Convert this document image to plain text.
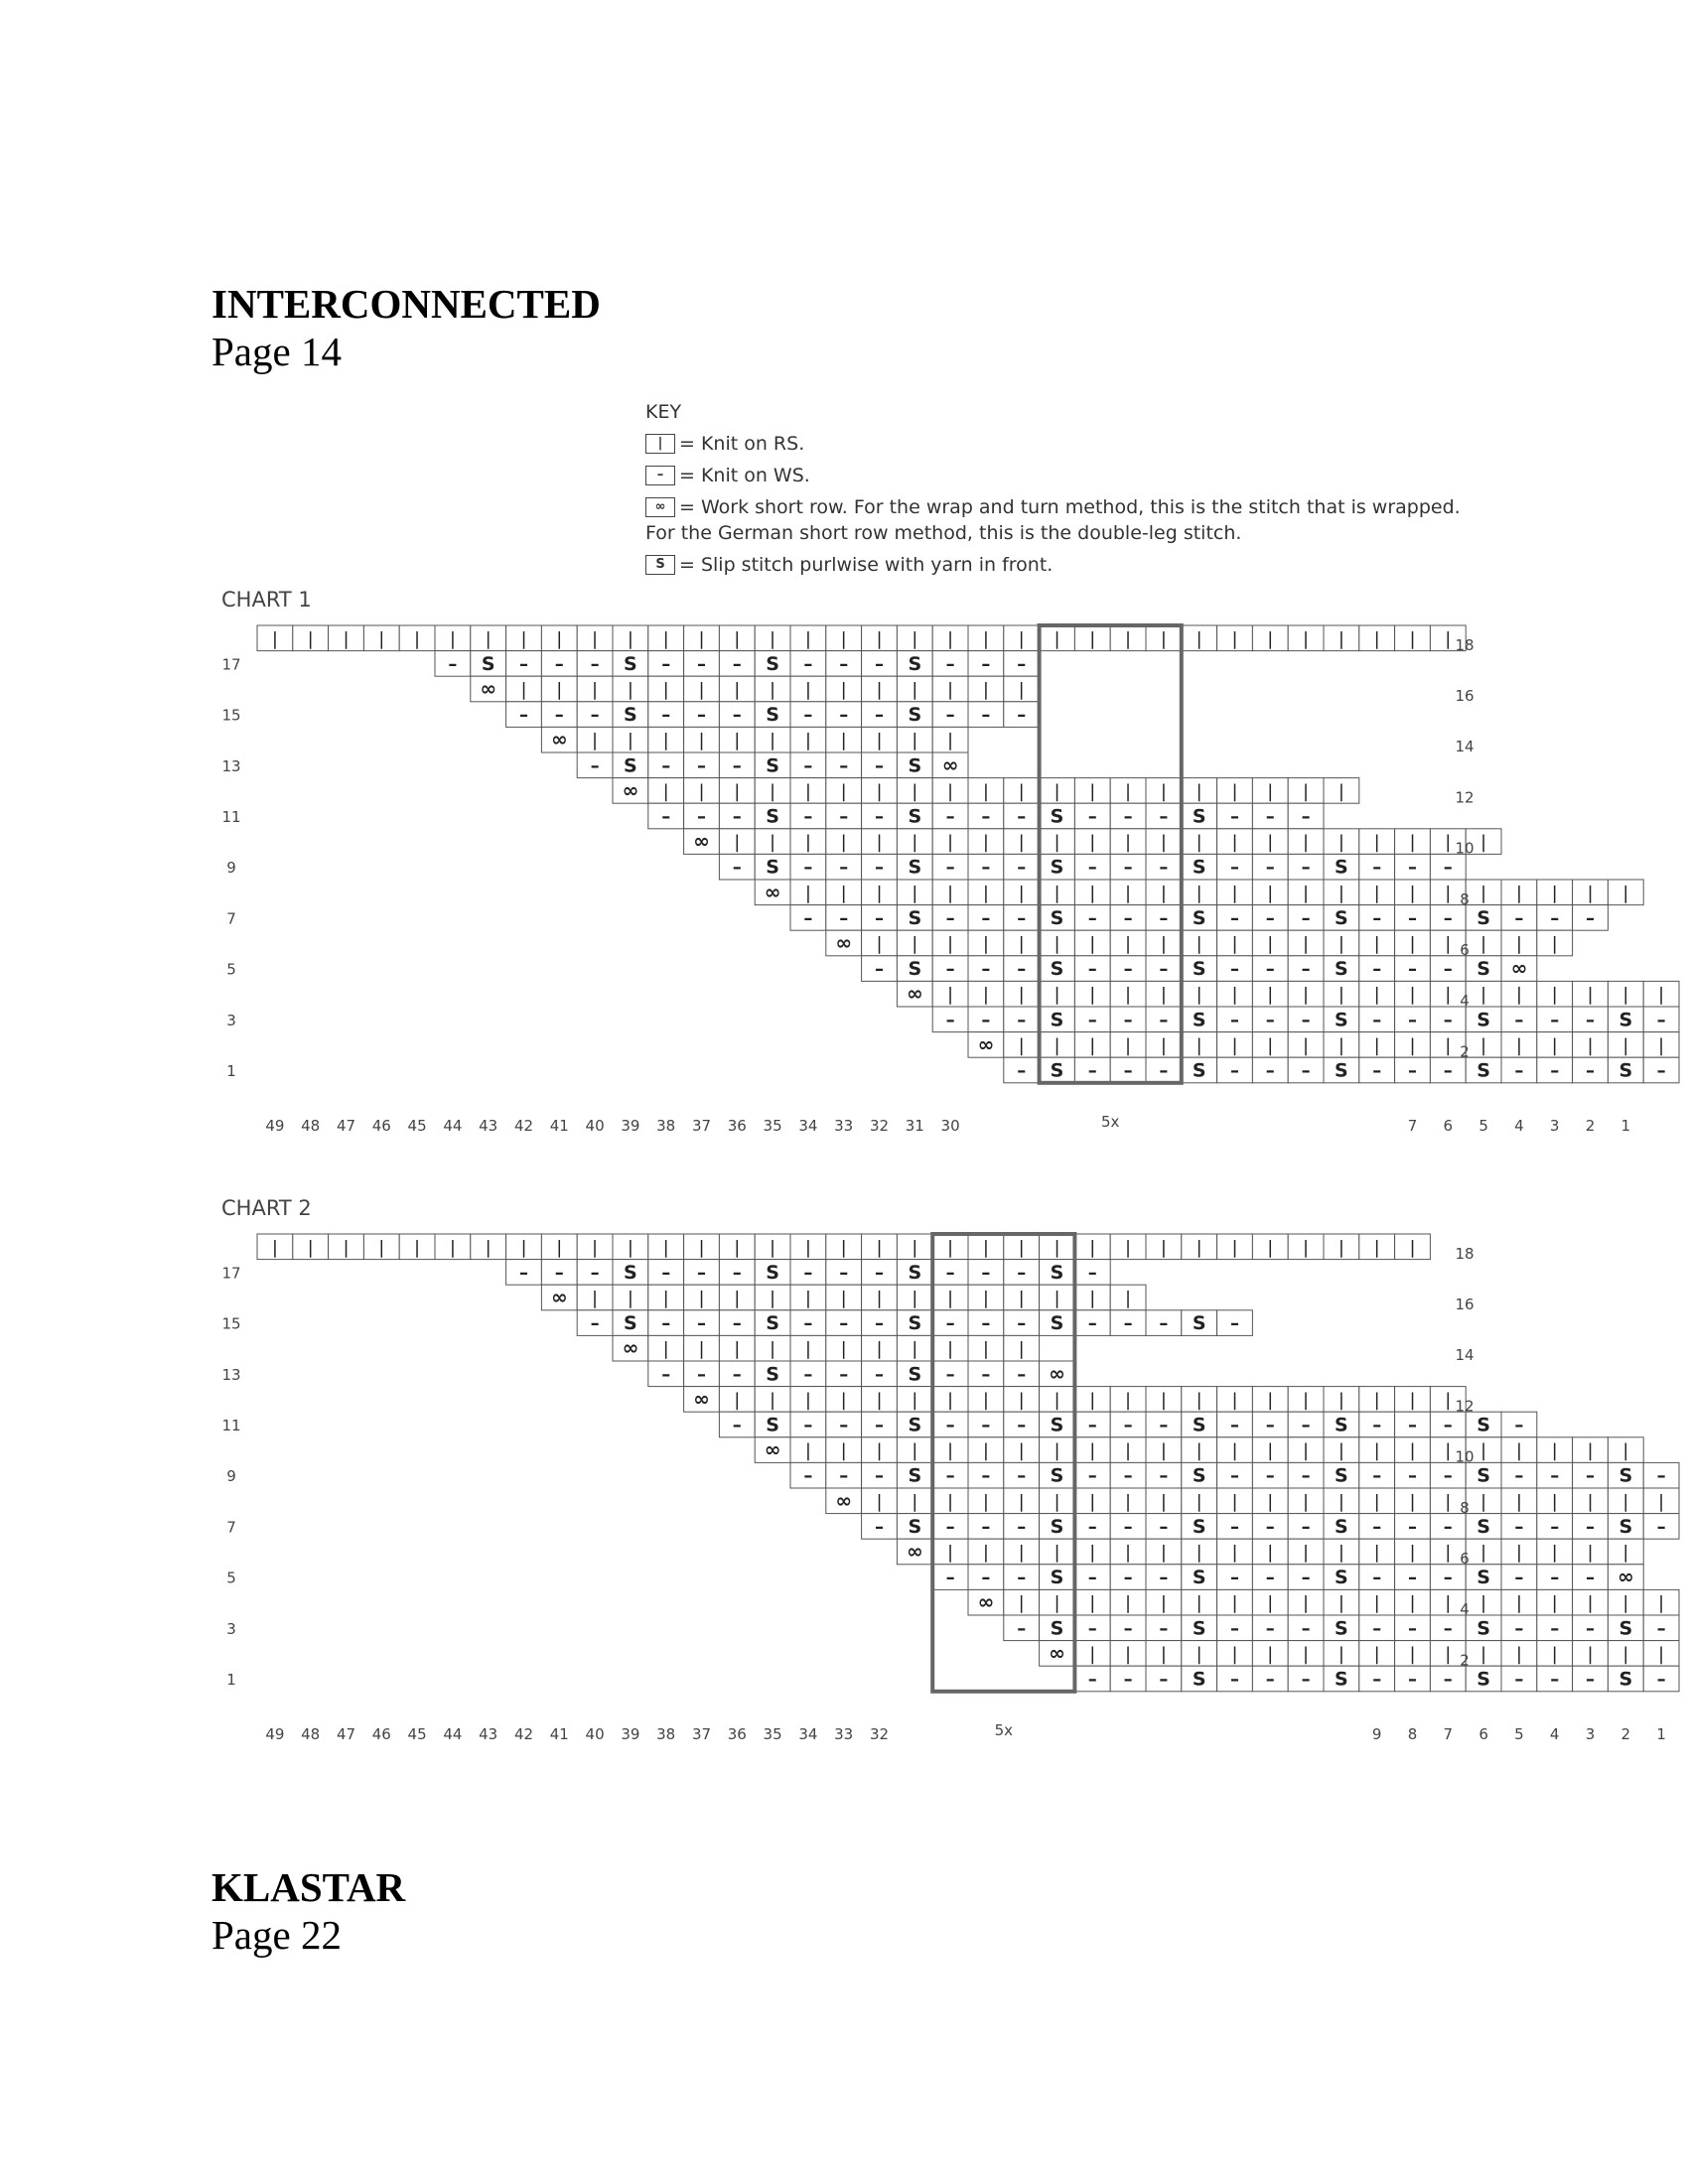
INTERCONNECTED
Page 14
KEY
| = Knit on RS.
– = Knit on WS.
∞ = Work short row. For the wrap and turn method, this is the stitch that is wrapped.
For the German short row method, this is the double-leg stitch.
S = Slip stitch purlwise with yarn in front.
CHART 1
| | | | | | | | | | | | | | | | | | | | | | | | | | | | | | | | | |
– S – – – S – – – S – – – S – – –
∞ | | | | | | | | | | | | | | |
– – – S – – – S – – – S – – –
∞ | | | | | | | | | | |
– S – – – S – – – S ∞
∞ | | | | | | | | | | | | | | | | | | | |
– – – S – – – S – – – S – – – S – – –
∞ | | | | | | | | | | | | | | | | | | | | | |
– S – – – S – – – S – – – S – – – S – – –
∞ | | | | | | | | | | | | | | | | | | | | | | | |
– – – S – – – S – – – S – – – S – – – S – – –
∞ | | | | | | | | | | | | | | | | | | | |
– S – – – S – – – S – – – S – – – S ∞
∞ | | | | | | | | | | | | | | | | | | | | |
– – – S – – – S – – – S – – – S – – – S –
∞ | | | | | | | | | | | | | | | | | | |
– S – – – S – – – S – – – S – – – S –
18
17
16
15
14
13
12
11
10
9
8
7
6
5
4
3
2
1
49 48 47 46 45 44 43 42 41 40 39 38 37 36 35 34 33 32 31 30	7 6 5 4 3 2 1
5x
CHART 2
| | | | | | | | | | | | | | | | | | | | | | | | | | | | | | | | |
– – – S – – – S – – – S – – – S –
∞ | | | | | | | | | | | | | | | |
– S – – – S – – – S – – – S – – – S –
∞ | | | | | | | | | | |
– – – S – – – S – – – ∞
∞ | | | | | | | | | | | | | | | | | | | | |
– S – – – S – – – S – – – S – – – S – – – S –
∞ | | | | | | | | | | | | | | | | | | | | | | | |
– – – S – – – S – – – S – – – S – – – S – – – S –
∞ | | | | | | | | | | | | | | | | | | | | | | |
– S – – – S – – – S – – – S – – – S – – – S –
∞ | | | | | | | | | | | | | | | | | | | |
– – – S – – – S – – – S – – – S – – – ∞
∞ | | | | | | | | | | | | | | | | | | |
– S – – – S – – – S – – – S – – – S –
∞ | | | | | | | | | | | | | | | | |
– – – S – – – S – – – S – – – S –
18
17
16
15
14
13
12
11
10
9
8
7
6
5
4
3
2
1
49 48 47 46 45 44 43 42 41 40 39 38 37 36 35 34 33 32	9 8 7 6 5 4 3 2 1
5x
KLASTAR
Page 22
